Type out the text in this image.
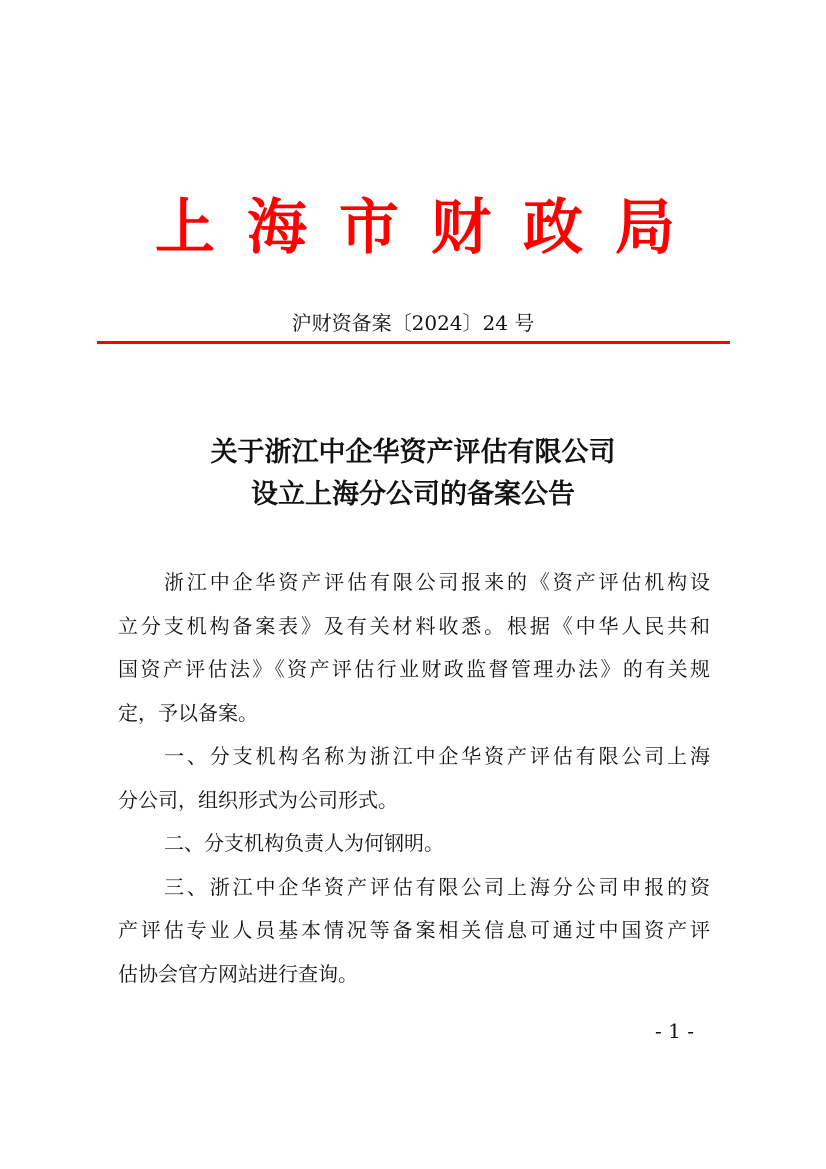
上 海 市 财 政 局
沪财资备案〔2024〕24 号
关于浙江中企华资产评估有限公司
设立上海分公司的备案公告
浙江中企华资产评估有限公司报来的《资产评估机构设
立分支机构备案表》及有关材料收悉。根据《中华人民共和
国资产评估法》《资产评估行业财政监督管理办法》的有关规
定，予以备案。
一、分支机构名称为浙江中企华资产评估有限公司上海
分公司，组织形式为公司形式。
二、分支机构负责人为何钢明。
三、浙江中企华资产评估有限公司上海分公司申报的资
产评估专业人员基本情况等备案相关信息可通过中国资产评
估协会官方网站进行查询。
- 1 -
